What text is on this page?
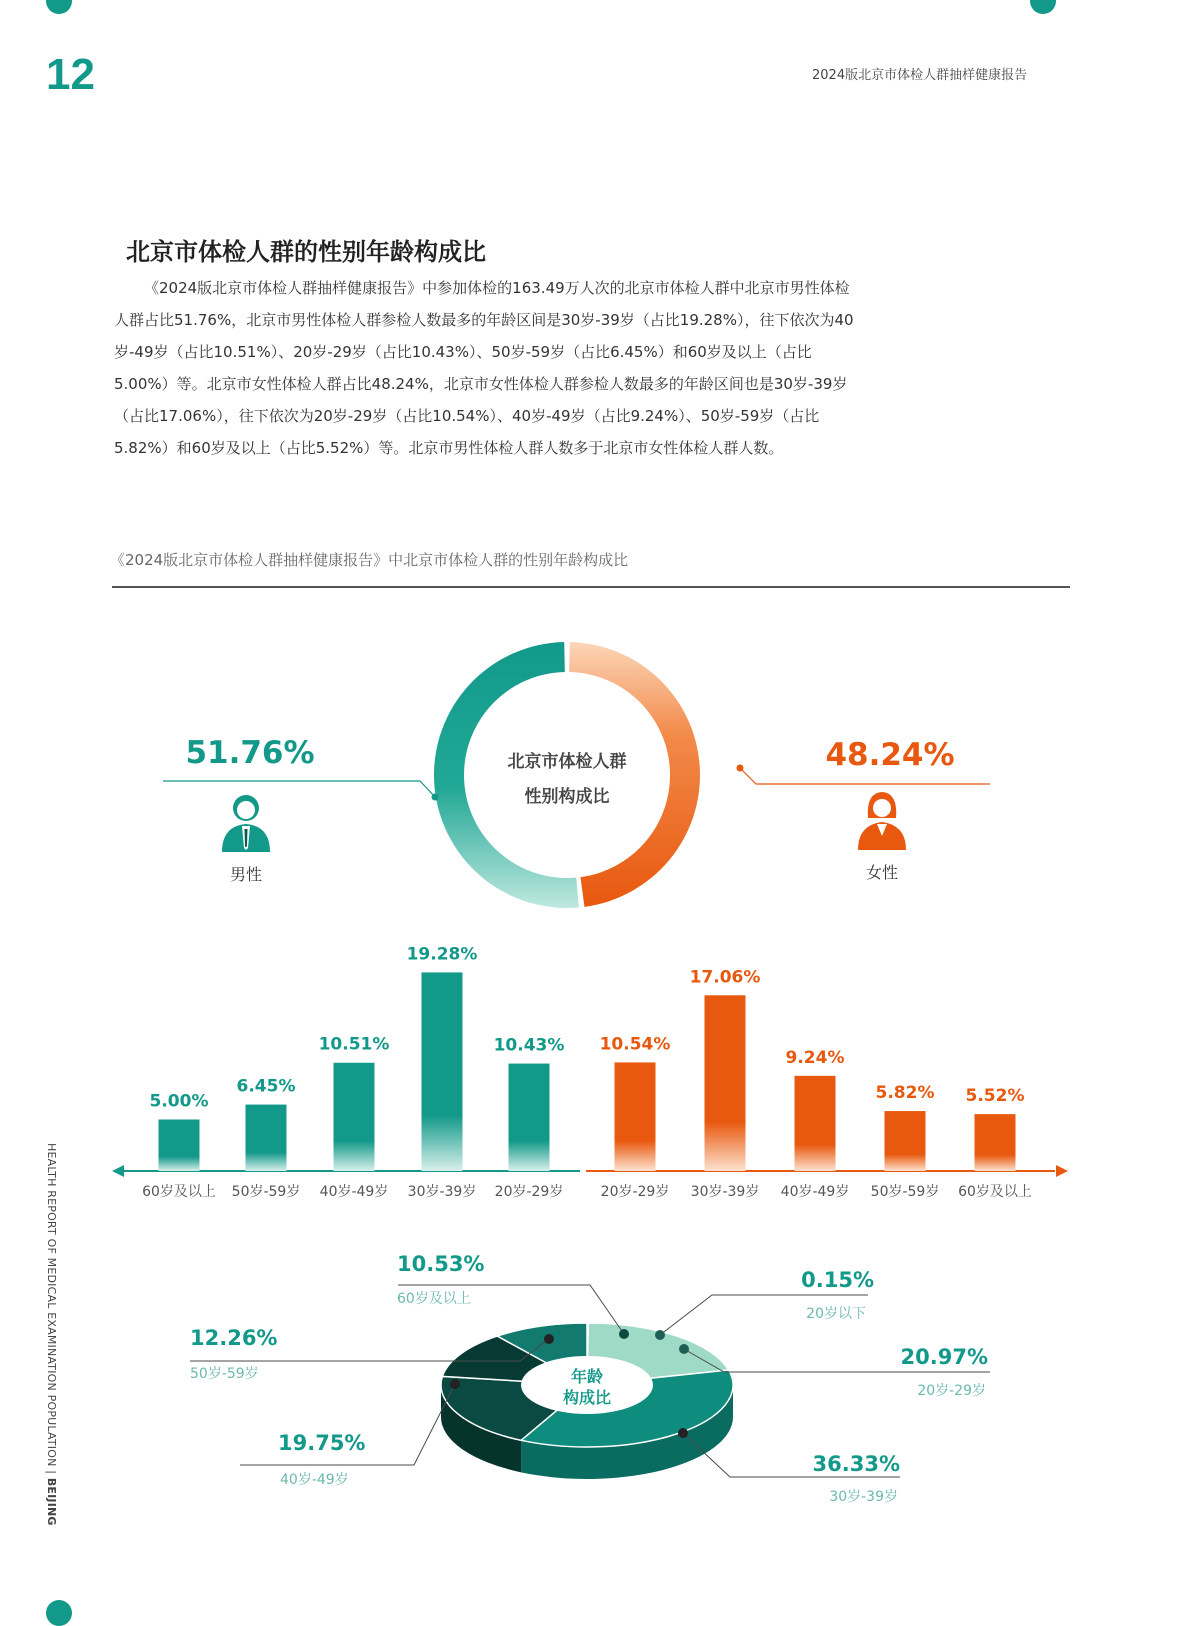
12	2024版北京市体检人群抽样健康报告
北京市体检人群的性别年龄构成比
《2024版北京市体检人群抽样健康报告》中参加体检的163.49万人次的北京市体检人群中北京市男性体检人群占比51.76%，北京市男性体检人群参检人数最多的年龄区间是30岁-39岁（占比19.28%），往下依次为40岁-49岁（占比10.51%）、20岁-29岁（占比10.43%）、50岁-59岁（占比6.45%）和60岁及以上（占比5.00%）等。北京市女性体检人群占比48.24%，北京市女性体检人群参检人数最多的年龄区间也是30岁-39岁（占比17.06%），往下依次为20岁-29岁（占比10.54%）、40岁-49岁（占比9.24%）、50岁-59岁（占比5.82%）和60岁及以上（占比5.52%）等。北京市男性体检人群人数多于北京市女性体检人群人数。
《2024版北京市体检人群抽样健康报告》中北京市体检人群的性别年龄构成比
HEALTH REPORT OF MEDICAL EXAMINATION POPULATION | BEIJING
北京市体检人群
性别构成比
51.76%
男性
48.24%
女性
5.00%
60岁及以上
6.45%
50岁-59岁
10.51%
40岁-49岁
19.28%
30岁-39岁
10.43%
20岁-29岁
10.54%
20岁-29岁
17.06%
30岁-39岁
9.24%
40岁-49岁
5.82%
50岁-59岁
5.52%
60岁及以上
年龄
构成比
0.15%
20岁以下
20.97%
20岁-29岁
36.33%
30岁-39岁
19.75%
40岁-49岁
12.26%
50岁-59岁
10.53%
60岁及以上
